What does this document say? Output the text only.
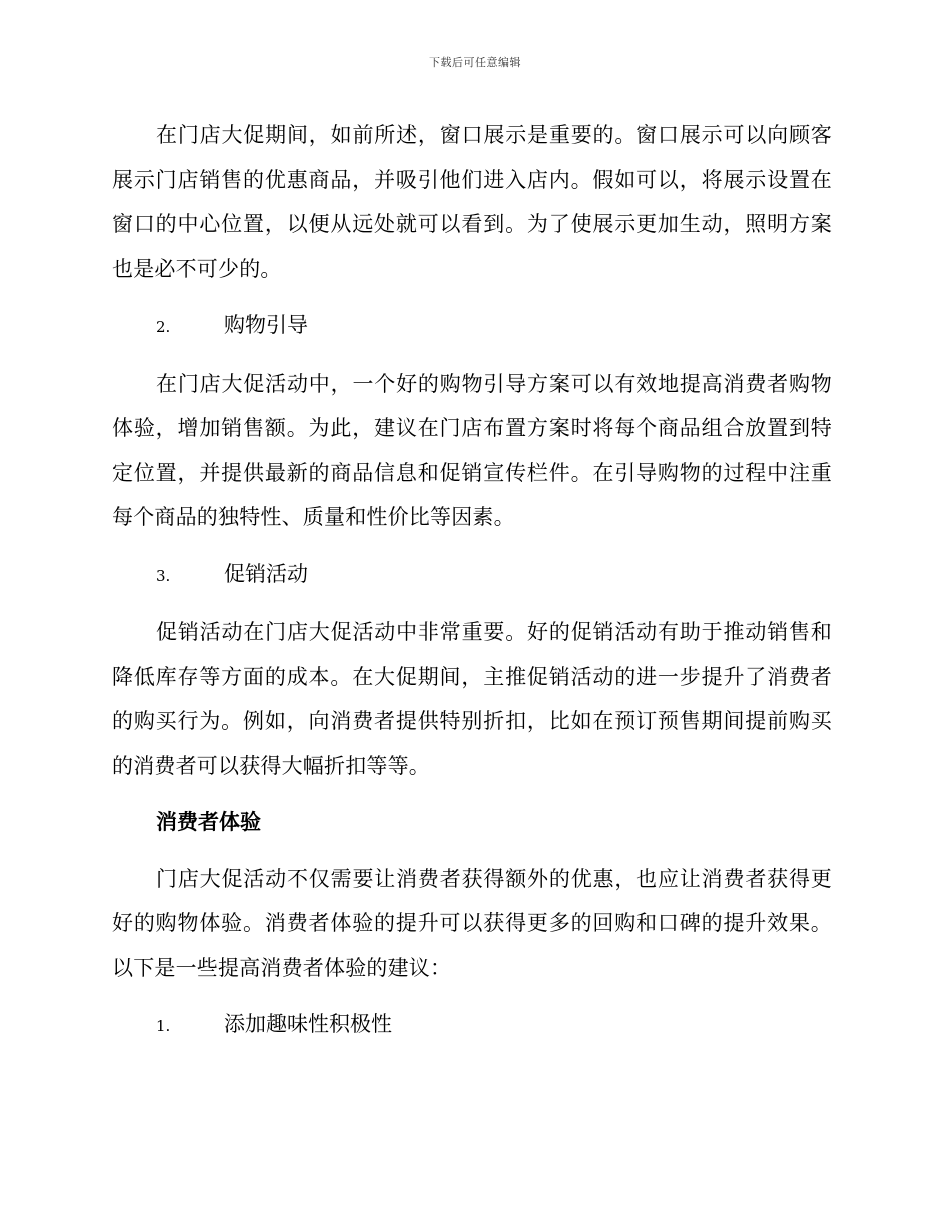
下载后可任意编辑

在门店大促期间，如前所述，窗口展示是重要的。窗口展示可以向顾客展示门店销售的优惠商品，并吸引他们进入店内。假如可以，将展示设置在窗口的中心位置，以便从远处就可以看到。为了使展示更加生动，照明方案也是必不可少的。

2.	购物引导

在门店大促活动中，一个好的购物引导方案可以有效地提高消费者购物体验，增加销售额。为此，建议在门店布置方案时将每个商品组合放置到特定位置，并提供最新的商品信息和促销宣传栏件。在引导购物的过程中注重每个商品的独特性、质量和性价比等因素。

3.	促销活动

促销活动在门店大促活动中非常重要。好的促销活动有助于推动销售和降低库存等方面的成本。在大促期间，主推促销活动的进一步提升了消费者的购买行为。例如，向消费者提供特别折扣，比如在预订预售期间提前购买的消费者可以获得大幅折扣等等。

消费者体验

门店大促活动不仅需要让消费者获得额外的优惠，也应让消费者获得更好的购物体验。消费者体验的提升可以获得更多的回购和口碑的提升效果。以下是一些提高消费者体验的建议：

1.	添加趣味性积极性
